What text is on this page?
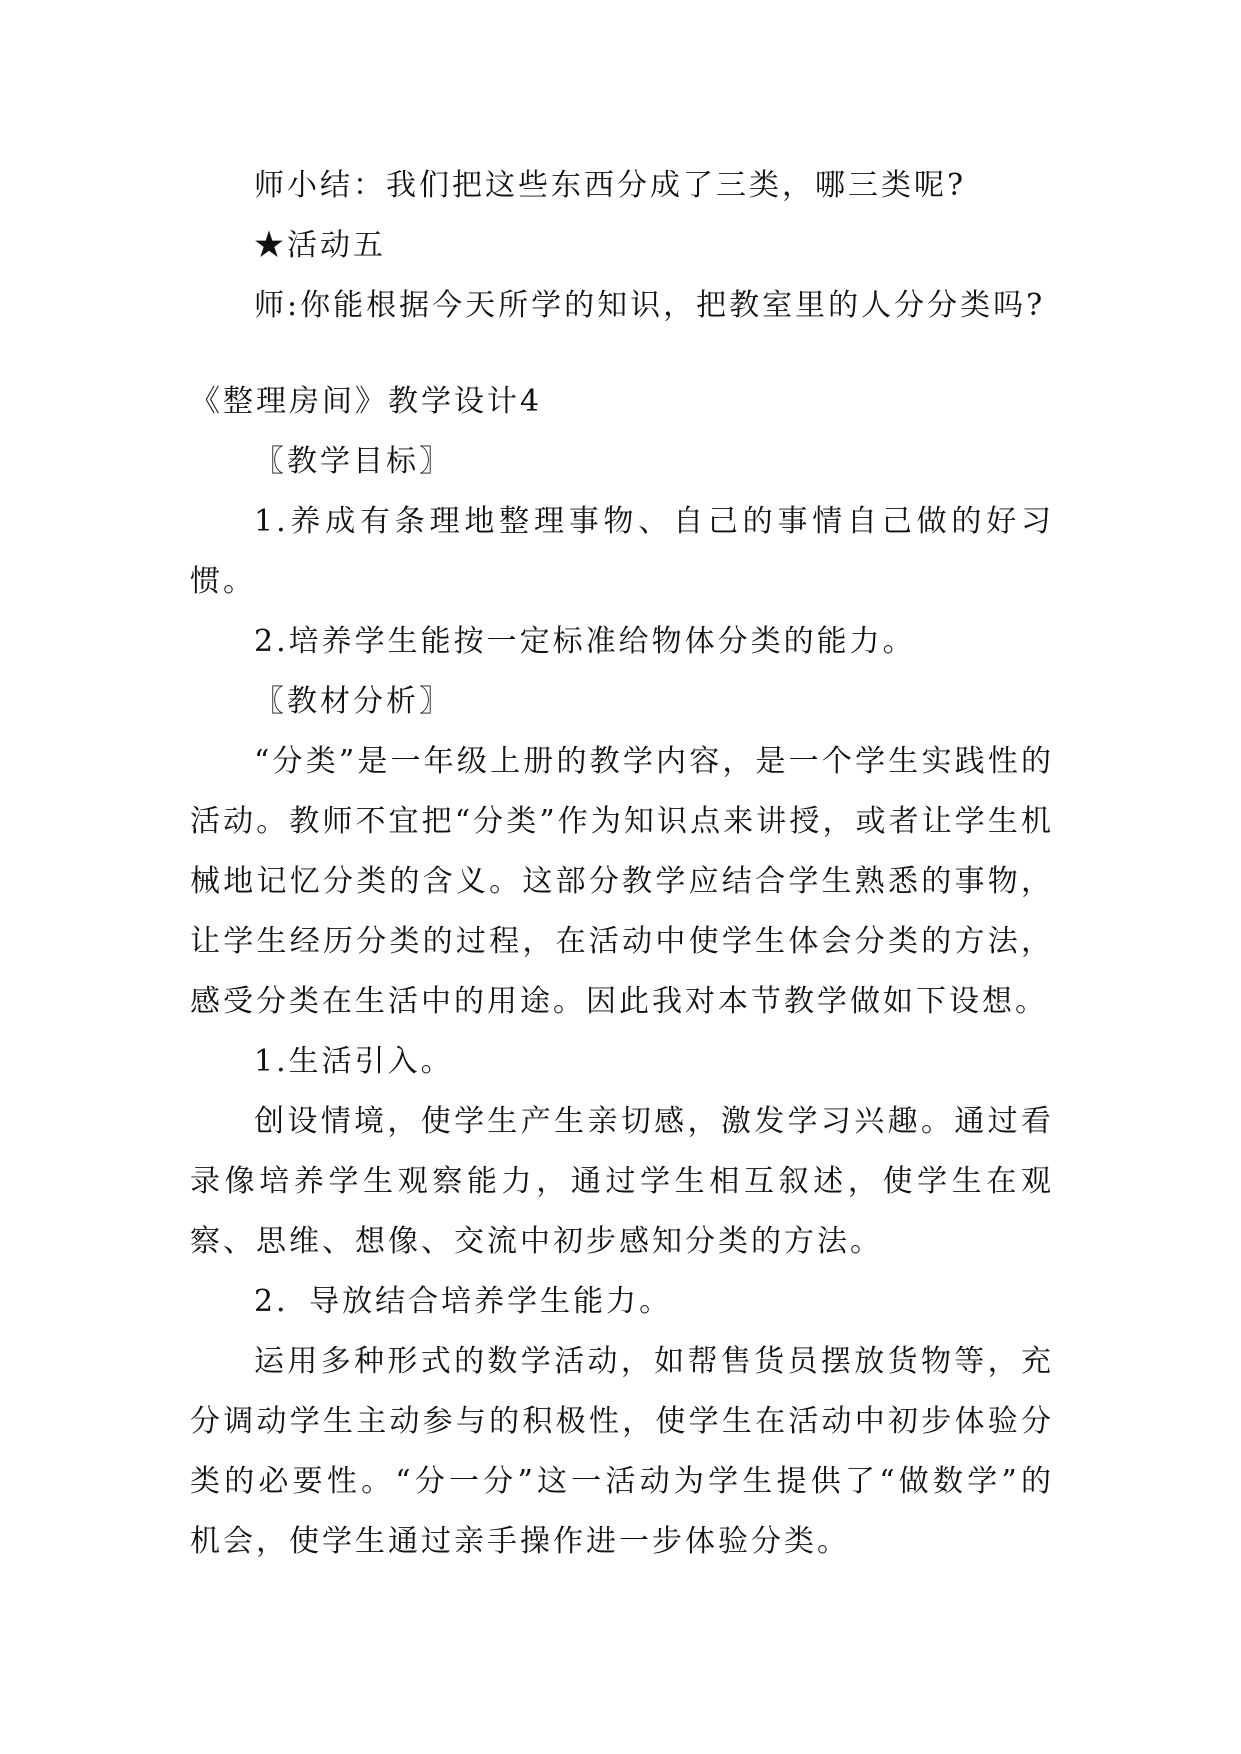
师小结：我们把这些东西分成了三类，哪三类呢?

★活动五

师:你能根据今天所学的知识，把教室里的人分分类吗?

《整理房间》教学设计4

〖教学目标〗

1.养成有条理地整理事物、自己的事情自己做的好习惯。

2.培养学生能按一定标准给物体分类的能力。

〖教材分析〗

“分类”是一年级上册的教学内容，是一个学生实践性的活动。教师不宜把“分类”作为知识点来讲授，或者让学生机械地记忆分类的含义。这部分教学应结合学生熟悉的事物，让学生经历分类的过程，在活动中使学生体会分类的方法，感受分类在生活中的用途。因此我对本节教学做如下设想。

1.生活引入。

创设情境，使学生产生亲切感，激发学习兴趣。通过看录像培养学生观察能力，通过学生相互叙述，使学生在观察、思维、想像、交流中初步感知分类的方法。

2．导放结合培养学生能力。

运用多种形式的数学活动，如帮售货员摆放货物等，充分调动学生主动参与的积极性，使学生在活动中初步体验分类的必要性。“分一分”这一活动为学生提供了“做数学”的机会，使学生通过亲手操作进一步体验分类。
